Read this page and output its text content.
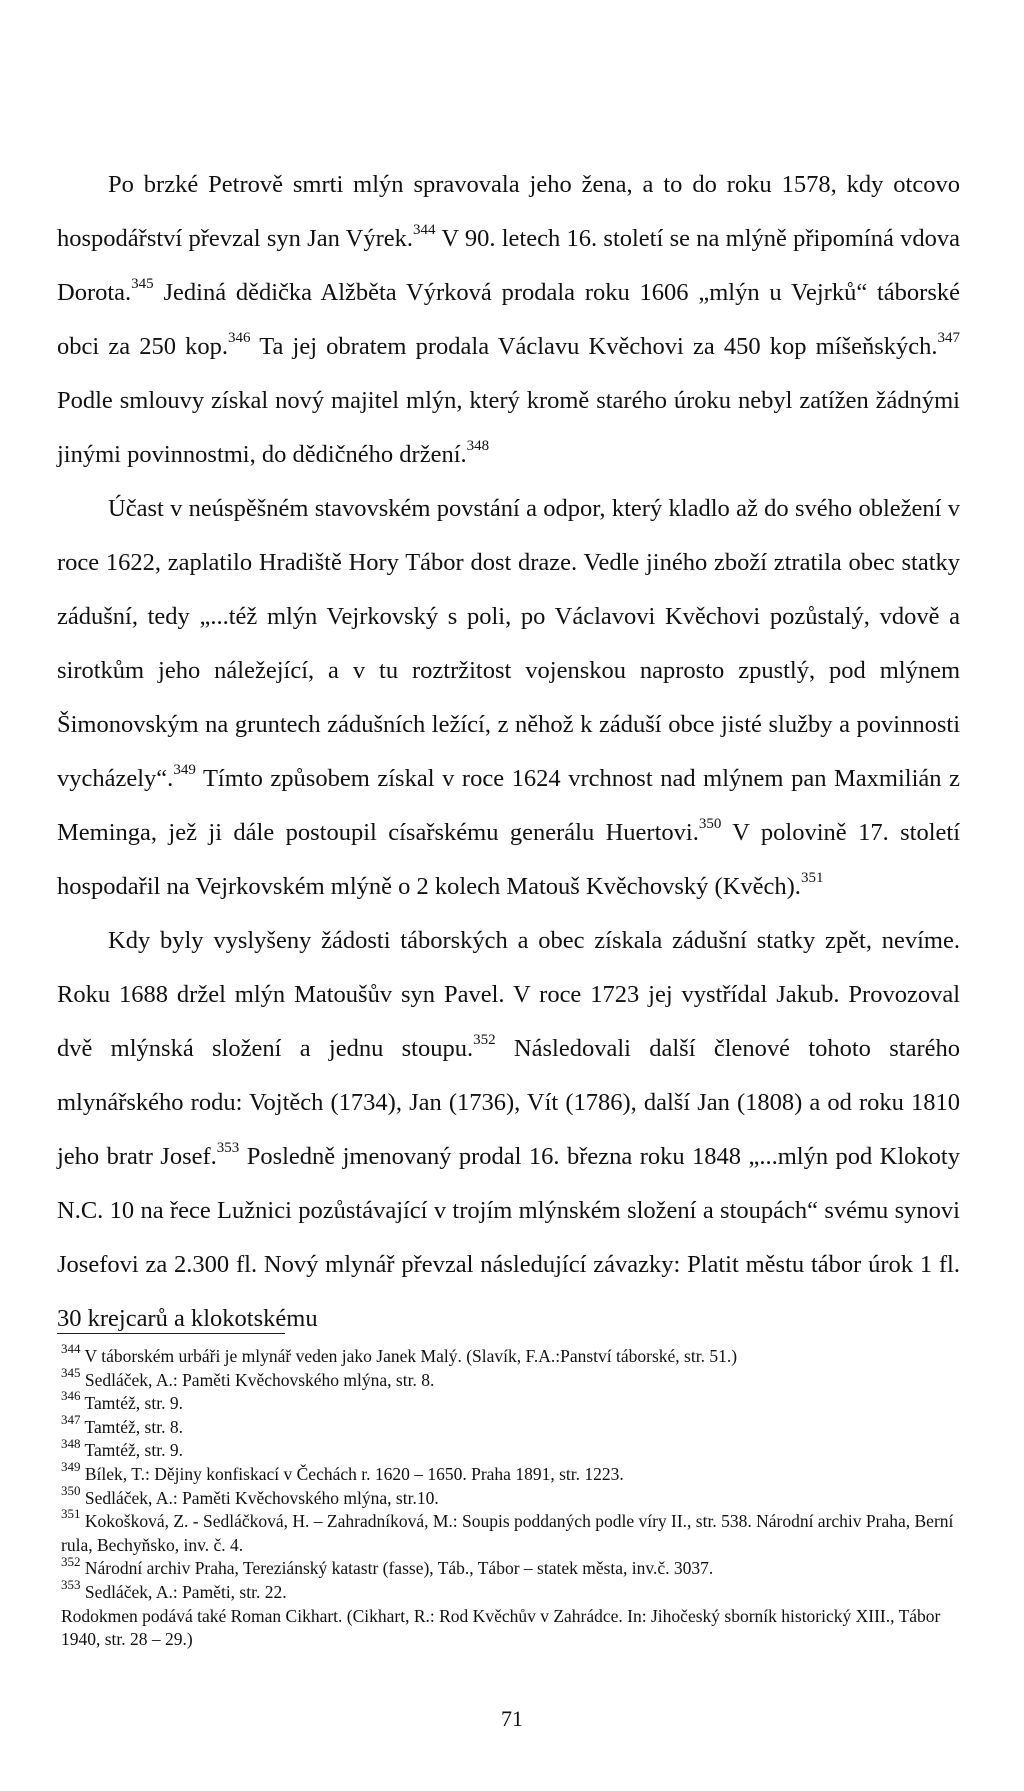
Po brzké Petrově smrti mlýn spravovala jeho žena, a to do roku 1578, kdy otcovo hospodářství převzal syn Jan Výrek.$^{344}$ V 90. letech 16. století se na mlýně připomíná vdova Dorota.$^{345}$ Jediná dědička Alžběta Výrková prodala roku 1606 „mlýn u Vejrků“ táborské obci za 250 kop.$^{346}$ Ta jej obratem prodala Václavu Kvěchovi za 450 kop míšeňských.$^{347}$ Podle smlouvy získal nový majitel mlýn, který kromě starého úroku nebyl zatížen žádnými jinými povinnostmi, do dědičného držení.$^{348}$

Účast v neúspěšném stavovském povstání a odpor, který kladlo až do svého obležení v roce 1622, zaplatilo Hradiště Hory Tábor dost draze. Vedle jiného zboží ztratila obec statky zádušní, tedy „...též mlýn Vejrkovský s poli, po Václavovi Kvěchovi pozůstalý, vdově a sirotkům jeho náležející, a v tu roztržitost vojenskou naprosto zpustlý, pod mlýnem Šimonovským na gruntech zádušních ležící, z něhož k záduší obce jisté služby a povinnosti vycházely“.$^{349}$ Tímto způsobem získal v roce 1624 vrchnost nad mlýnem pan Maxmilián z Meminga, jež ji dále postoupil císařskému generálu Huertovi.$^{350}$ V polovině 17. století hospodařil na Vejrkovském mlýně o 2 kolech Matouš Kvěchovský (Kvěch).$^{351}$

Kdy byly vyslyšeny žádosti táborských a obec získala zádušní statky zpět, nevíme. Roku 1688 držel mlýn Matoušův syn Pavel. V roce 1723 jej vystřídal Jakub. Provozoval dvě mlýnská složení a jednu stoupu.$^{352}$ Následovali další členové tohoto starého mlynářského rodu: Vojtěch (1734), Jan (1736), Vít (1786), další Jan (1808) a od roku 1810 jeho bratr Josef.$^{353}$ Posledně jmenovaný prodal 16. března roku 1848 „...mlýn pod Klokoty N.C. 10 na řece Lužnici pozůstávající v trojím mlýnském složení a stoupách“ svému synovi Josefovi za 2.300 fl. Nový mlynář převzal následující závazky: Platit městu tábor úrok 1 fl. 30 krejcarů a klokotskému

$^{344}$ V táborském urbáři je mlynář veden jako Janek Malý. (Slavík, F.A.:Panství táborské, str. 51.)

$^{345}$ Sedláček, A.: Paměti Kvěchovského mlýna, str. 8.

$^{346}$ Tamtéž, str. 9.

$^{347}$ Tamtéž, str. 8.

$^{348}$ Tamtéž, str. 9.

$^{349}$ Bílek, T.: Dějiny konfiskací v Čechách r. 1620 – 1650. Praha 1891, str. 1223.

$^{350}$ Sedláček, A.: Paměti Kvěchovského mlýna, str.10.

$^{351}$ Kokošková, Z. - Sedláčková, H. – Zahradníková, M.: Soupis poddaných podle víry II., str. 538. Národní archiv Praha, Berní rula, Bechyňsko, inv. č. 4.

$^{352}$ Národní archiv Praha, Tereziánský katastr (fasse), Táb., Tábor – statek města, inv.č. 3037.

$^{353}$ Sedláček, A.: Paměti, str. 22.

Rodokmen podává také Roman Cikhart. (Cikhart, R.: Rod Kvěchův v Zahrádce. In: Jihočeský sborník historický XIII., Tábor 1940, str. 28 – 29.)

71
